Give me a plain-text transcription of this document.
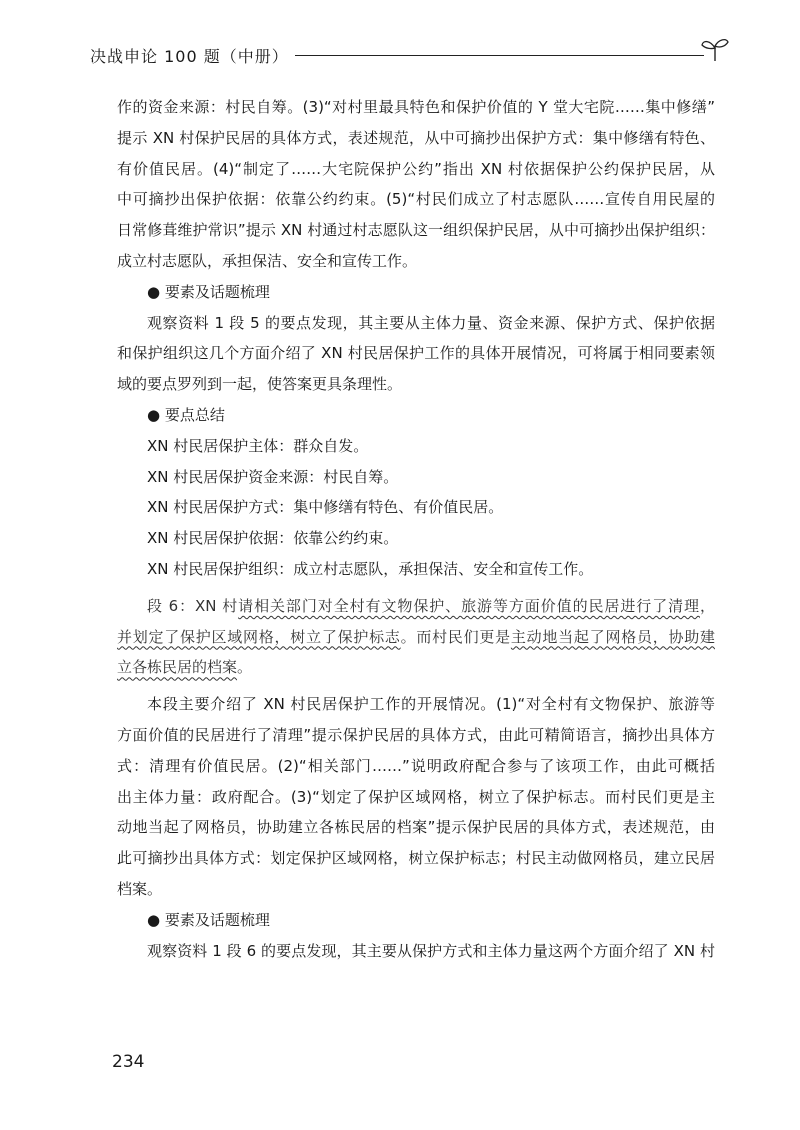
决战申论 100 题（中册）
作的资金来源：村民自筹。(3)“对村里最具特色和保护价值的 Y 堂大宅院……集中修缮”
提示 XN 村保护民居的具体方式，表述规范，从中可摘抄出保护方式：集中修缮有特色、
有价值民居。(4)“制定了……大宅院保护公约”指出 XN 村依据保护公约保护民居，从
中可摘抄出保护依据：依靠公约约束。(5)“村民们成立了村志愿队……宣传自用民屋的
日常修葺维护常识”提示 XN 村通过村志愿队这一组织保护民居，从中可摘抄出保护组织：
成立村志愿队，承担保洁、安全和宣传工作。
● 要素及话题梳理
观察资料 1 段 5 的要点发现，其主要从主体力量、资金来源、保护方式、保护依据
和保护组织这几个方面介绍了 XN 村民居保护工作的具体开展情况，可将属于相同要素领
域的要点罗列到一起，使答案更具条理性。
● 要点总结
XN 村民居保护主体：群众自发。
XN 村民居保护资金来源：村民自筹。
XN 村民居保护方式：集中修缮有特色、有价值民居。
XN 村民居保护依据：依靠公约约束。
XN 村民居保护组织：成立村志愿队，承担保洁、安全和宣传工作。
段 6：XN 村请相关部门对全村有文物保护、旅游等方面价值的民居进行了清理，
并划定了保护区域网格，树立了保护标志。而村民们更是主动地当起了网格员，协助建
立各栋民居的档案。
本段主要介绍了 XN 村民居保护工作的开展情况。(1)“对全村有文物保护、旅游等
方面价值的民居进行了清理”提示保护民居的具体方式，由此可精简语言，摘抄出具体方
式：清理有价值民居。(2)“相关部门……”说明政府配合参与了该项工作，由此可概括
出主体力量：政府配合。(3)“划定了保护区域网格，树立了保护标志。而村民们更是主
动地当起了网格员，协助建立各栋民居的档案”提示保护民居的具体方式，表述规范，由
此可摘抄出具体方式：划定保护区域网格，树立保护标志；村民主动做网格员，建立民居
档案。
● 要素及话题梳理
观察资料 1 段 6 的要点发现，其主要从保护方式和主体力量这两个方面介绍了 XN 村
234
